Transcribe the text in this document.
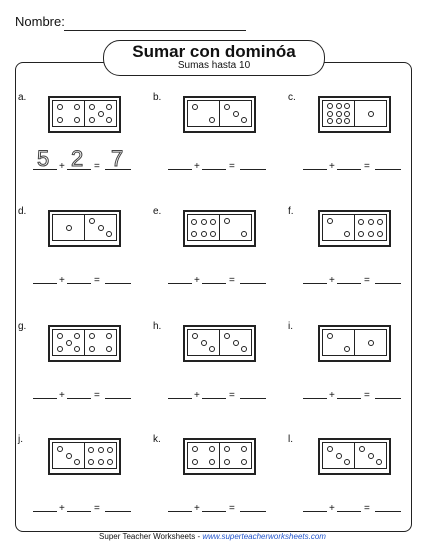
Nombre:
Sumar con dominóa
Sumas hasta 10
a.
5 2 7
+	=
b.
+	=
c.
+	=
d.
+	=
e.
+	=
f.
+	=
g.
+	=
h.
+	=
i.
+	=
j.
+	=
k.
+	=
l.
+	=
Super Teacher Worksheets - www.superteacherworksheets.com
